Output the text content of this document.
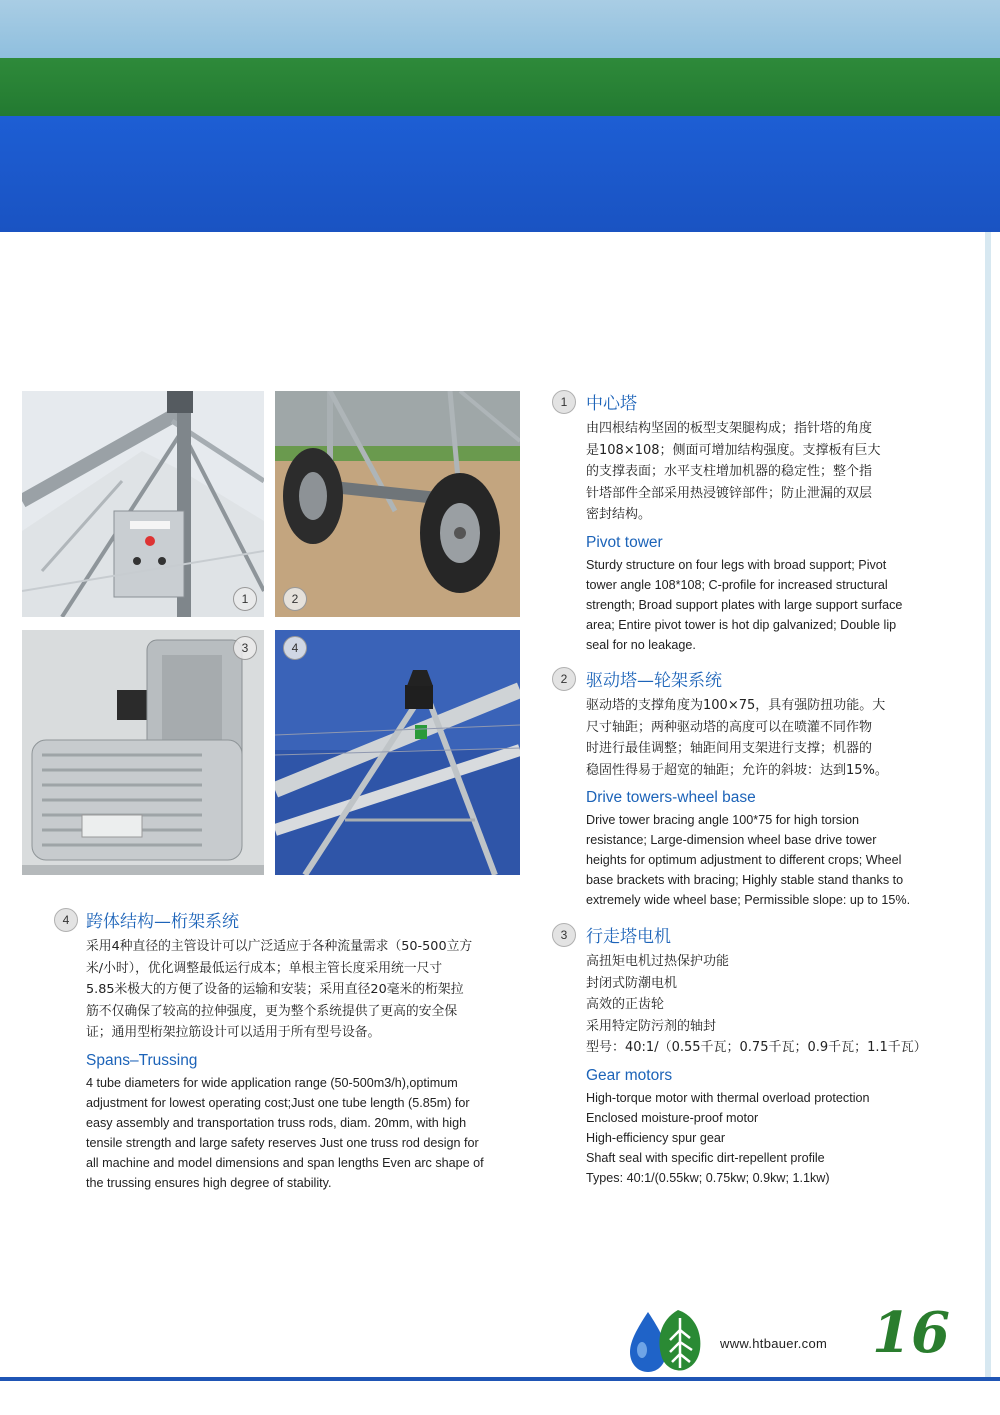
1	2
3	4
1	中心塔
由四根结构坚固的板型支架腿构成；指针塔的角度
是108×108；侧面可增加结构强度。支撑板有巨大
的支撑表面；水平支柱增加机器的稳定性；整个指
针塔部件全部采用热浸镀锌部件；防止泄漏的双层
密封结构。
Pivot tower
Sturdy structure on four legs with broad support; Pivot
tower angle 108*108; C-profile for increased structural
strength; Broad support plates with large support surface
area; Entire pivot tower is hot dip galvanized; Double lip
seal for no leakage.
2	驱动塔—轮架系统
驱动塔的支撑角度为100×75，具有强防扭功能。大
尺寸轴距；两种驱动塔的高度可以在喷灌不同作物
时进行最佳调整；轴距间用支架进行支撑；机器的
稳固性得易于超宽的轴距；允许的斜坡：达到15%。
Drive towers-wheel base
Drive tower bracing angle 100*75 for high torsion
resistance; Large-dimension wheel base drive tower
heights for optimum adjustment to different crops; Wheel
base brackets with bracing; Highly stable stand thanks to
extremely wide wheel base; Permissible slope: up to 15%.
3	行走塔电机
高扭矩电机过热保护功能
封闭式防潮电机
高效的正齿轮
采用特定防污剂的轴封
型号：40:1/（0.55千瓦；0.75千瓦；0.9千瓦；1.1千瓦）
Gear motors
High-torque motor with thermal overload protection
Enclosed moisture-proof motor
High-efficiency spur gear
Shaft seal with specific dirt-repellent profile
Types: 40:1/(0.55kw; 0.75kw; 0.9kw; 1.1kw)
4 跨体结构—桁架系统
采用4种直径的主管设计可以广泛适应于各种流量需求（50-500立方
米/小时），优化调整最低运行成本；单根主管长度采用统一尺寸
5.85米极大的方便了设备的运输和安装；采用直径20毫米的桁架拉
筋不仅确保了较高的拉伸强度，更为整个系统提供了更高的安全保
证；通用型桁架拉筋设计可以适用于所有型号设备。
Spans–Trussing
4 tube diameters for wide application range (50-500m3/h),optimum
adjustment for lowest operating cost;Just one tube length (5.85m) for
easy assembly and transportation truss rods, diam. 20mm, with high
tensile strength and large safety reserves Just one truss rod design for
all machine and model dimensions and span lengths Even arc shape of
the trussing ensures high degree of stability.
www.htbauer.com 16
